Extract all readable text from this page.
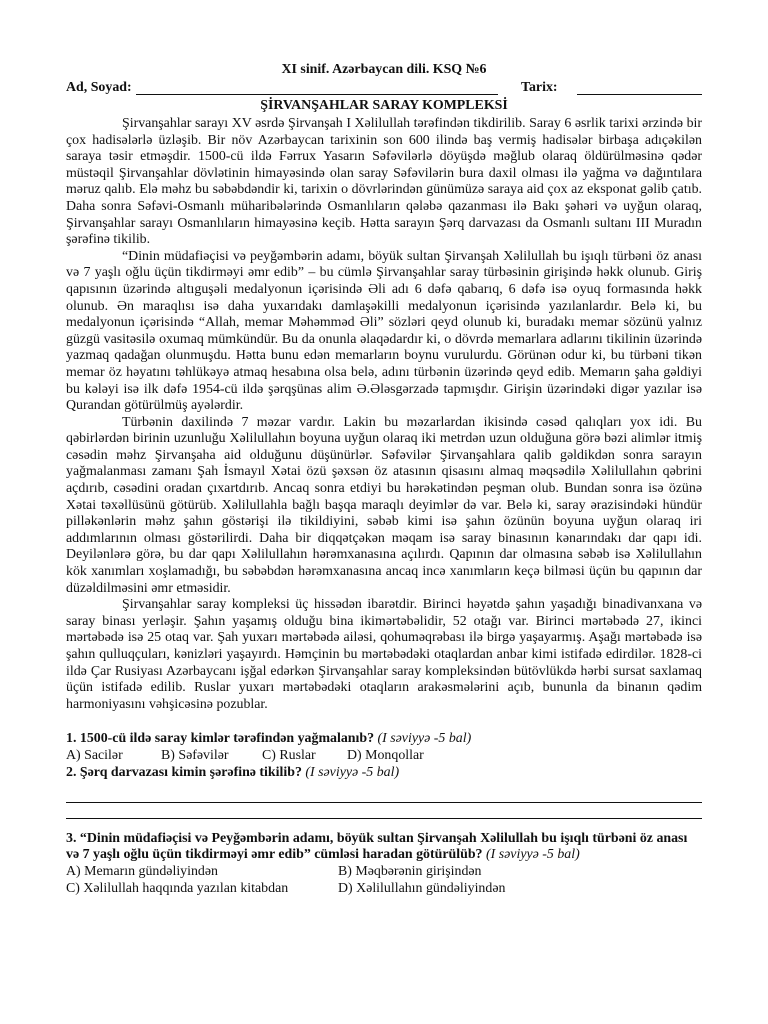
XI sinif. Azərbaycan dili. KSQ №6
Ad, Soyad:	Tarix:
ŞİRVANŞAHLAR SARAY KOMPLEKSİ

Şirvanşahlar sarayı XV əsrdə Şirvanşah I Xəlilullah tərəfindən tikdirilib. Saray 6 əsrlik tarixi ərzində bir çox hadisələrlə üzləşib. Bir növ Azərbaycan tarixinin son 600 ilində baş vermiş hadisələr birbaşa adıçəkilən saraya təsir etməşdir. 1500-cü ildə Fərrux Yasarın Səfəvilərlə döyüşdə məğlub olaraq öldürülməsinə qədər müstəqil Şirvanşahlar dövlətinin himayəsində olan saray Səfəvilərin bura daxil olması ilə yağma və dağıntılara məruz qalıb. Elə məhz bu səbəbdəndir ki, tarixin o dövrlərindən günümüzə saraya aid çox az eksponat gəlib çatıb. Daha sonra Səfəvi-Osmanlı müharibələrində Osmanlıların qələbə qazanması ilə Bakı şəhəri və uyğun olaraq, Şirvanşahlar sarayı Osmanlıların himayəsinə keçib. Hətta sarayın Şərq darvazası da Osmanlı sultanı III Muradın şərəfinə tikilib.

“Dinin müdafiəçisi və peyğəmbərin adamı, böyük sultan Şirvanşah Xəlilullah bu işıqlı türbəni öz anası və 7 yaşlı oğlu üçün tikdirməyi əmr edib” – bu cümlə Şirvanşahlar saray türbəsinin girişində həkk olunub. Giriş qapısının üzərində altıguşəli medalyonun içərisində Əli adı 6 dəfə qabarıq, 6 dəfə isə oyuq formasında həkk olunub. Ən maraqlısı isə daha yuxarıdakı damlaşəkilli medalyonun içərisində yazılanlardır. Belə ki, bu medalyonun içərisində “Allah, memar Məhəmməd Əli” sözləri qeyd olunub ki, buradakı memar sözünü yalnız güzgü vasitəsilə oxumaq mümkündür. Bu da onunla əlaqədardır ki, o dövrdə memarlara adlarını tikilinin üzərində yazmaq qadağan olunmuşdu. Hətta bunu edən memarların boynu vurulurdu. Görünən odur ki, bu türbəni tikən memar öz həyatını təhlükəyə atmaq hesabına olsa belə, adını türbənin üzərində qeyd edib. Memarın şaha gəldiyi bu kələyi isə ilk dəfə 1954-cü ildə şərqşünas alim Ə.Ələsgərzadə tapmışdır. Girişin üzərindəki digər yazılar isə Qurandan götürülmüş ayələrdir.

Türbənin daxilində 7 məzar vardır. Lakin bu məzarlardan ikisində cəsəd qalıqları yox idi. Bu qəbirlərdən birinin uzunluğu Xəlilullahın boyuna uyğun olaraq iki metrdən uzun olduğuna görə bəzi alimlər itmiş cəsədin məhz Şirvanşaha aid olduğunu düşünürlər. Səfəvilər Şirvanşahlara qalib gəldikdən sonra sarayın yağmalanması zamanı Şah İsmayıl Xətai özü şəxsən öz atasının qisasını almaq məqsədilə Xəlilullahın qəbrini açdırıb, cəsədini oradan çıxartdırıb. Ancaq sonra etdiyi bu hərəkətindən peşman olub. Bundan sonra isə özünə Xətai təxəllüsünü götürüb. Xəlilullahla bağlı başqa maraqlı deyimlər də var. Belə ki, saray ərazisindəki hündür pilləkənlərin məhz şahın göstərişi ilə tikildiyini, səbəb kimi isə şahın özünün boyuna uyğun olaraq iri addımlarının olması göstərilirdi. Daha bir diqqətçəkən məqam isə saray binasının kənarındakı dar qapı idi. Deyilənlərə görə, bu dar qapı Xəlilullahın hərəmxanasına açılırdı. Qapının dar olmasına səbəb isə Xəlilullahın kök xanımları xoşlamadığı, bu səbəbdən hərəmxanasına ancaq incə xanımların keçə bilməsi üçün bu qapının dar düzəldilməsini əmr etməsidir.

Şirvanşahlar saray kompleksi üç hissədən ibarətdir. Birinci həyətdə şahın yaşadığı binadivanxana və saray binası yerləşir. Şahın yaşamış olduğu bina ikimərtəbəlidir, 52 otağı var. Birinci mərtəbədə 27, ikinci mərtəbədə isə 25 otaq var. Şah yuxarı mərtəbədə ailəsi, qohuməqrəbası ilə birgə yaşayarmış. Aşağı mərtəbədə isə şahın qulluqçuları, kənizləri yaşayırdı. Həmçinin bu mərtəbədəki otaqlardan anbar kimi istifadə edirdilər. 1828-ci ildə Çar Rusiyası Azərbaycanı işğal edərkən Şirvanşahlar saray kompleksindən bütövlükdə hərbi sursat saxlamaq üçün istifadə edilib. Ruslar yuxarı mərtəbədəki otaqların arakəsmələrini açıb, bununla da binanın qədim harmoniyasını vəhşicəsinə pozublar.

1. 1500-cü ildə saray kimlər tərəfindən yağmalanıb? (I səviyyə -5 bal)

A) Sacilər	B) Səfəvilər C) Ruslar D) Monqollar

2. Şərq darvazası kimin şərəfinə tikilib? (I səviyyə -5 bal)

3. “Dinin müdafiəçisi və Peyğəmbərin adamı, böyük sultan Şirvanşah Xəlilullah bu işıqlı türbəni öz anası və 7 yaşlı oğlu üçün tikdirməyi əmr edib” cümləsi haradan götürülüb? (I səviyyə -5 bal)

A) Memarın gündəliyindən	B) Məqbərənin girişindən
C) Xəlilullah haqqında yazılan kitabdan	D) Xəlilullahın gündəliyindən
